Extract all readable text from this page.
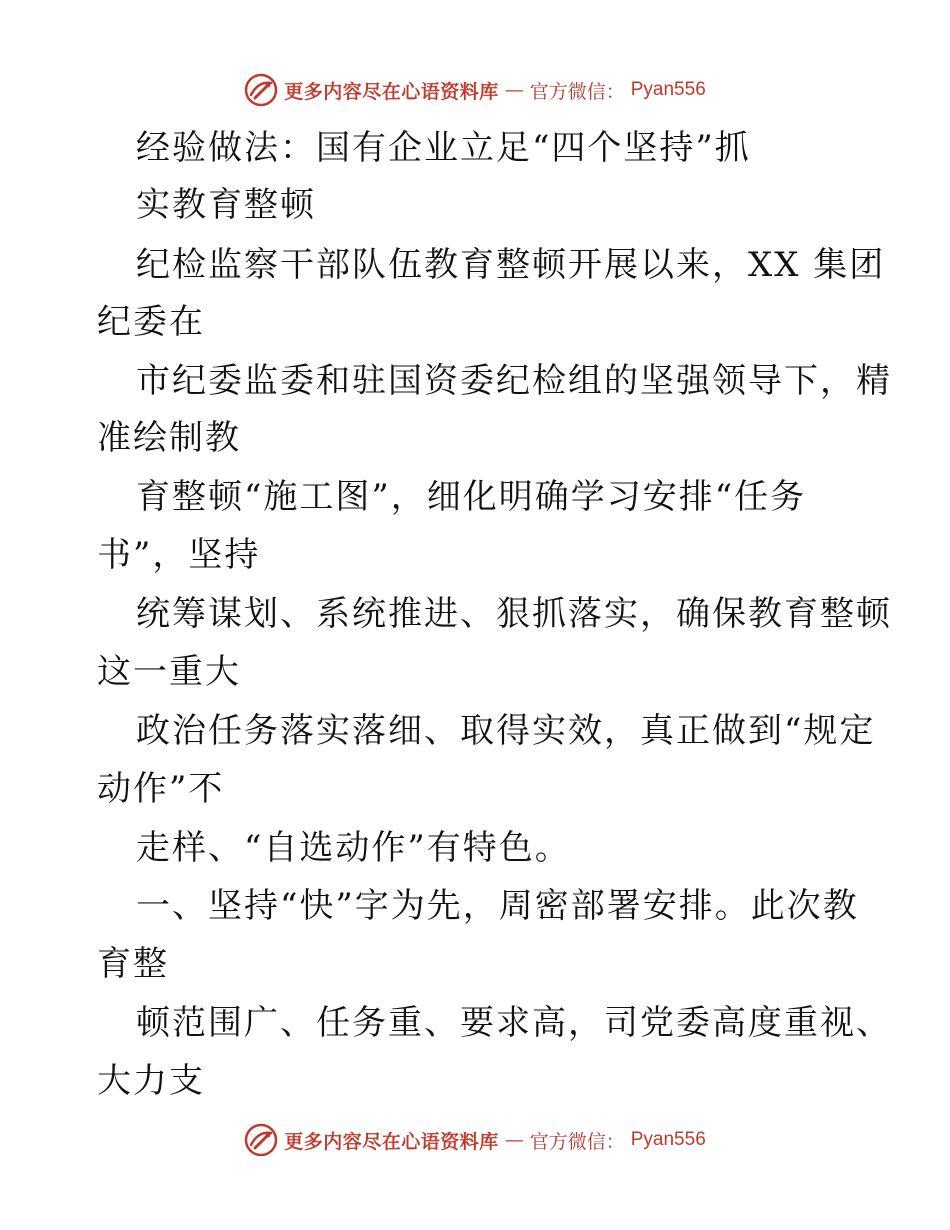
更多内容尽在心语资料库 — 官方微信： Pyan556
经验做法：国有企业立足“四个坚持”抓
实教育整顿
纪检监察干部队伍教育整顿开展以来，XX 集团
纪委在
市纪委监委和驻国资委纪检组的坚强领导下，精
准绘制教
育整顿“施工图”，细化明确学习安排“任务
书”，坚持
统筹谋划、系统推进、狠抓落实，确保教育整顿
这一重大
政治任务落实落细、取得实效，真正做到“规定
动作”不
走样、“自选动作”有特色。
一、坚持“快”字为先，周密部署安排。此次教
育整
顿范围广、任务重、要求高，司党委高度重视、
大力支
更多内容尽在心语资料库 — 官方微信： Pyan556
